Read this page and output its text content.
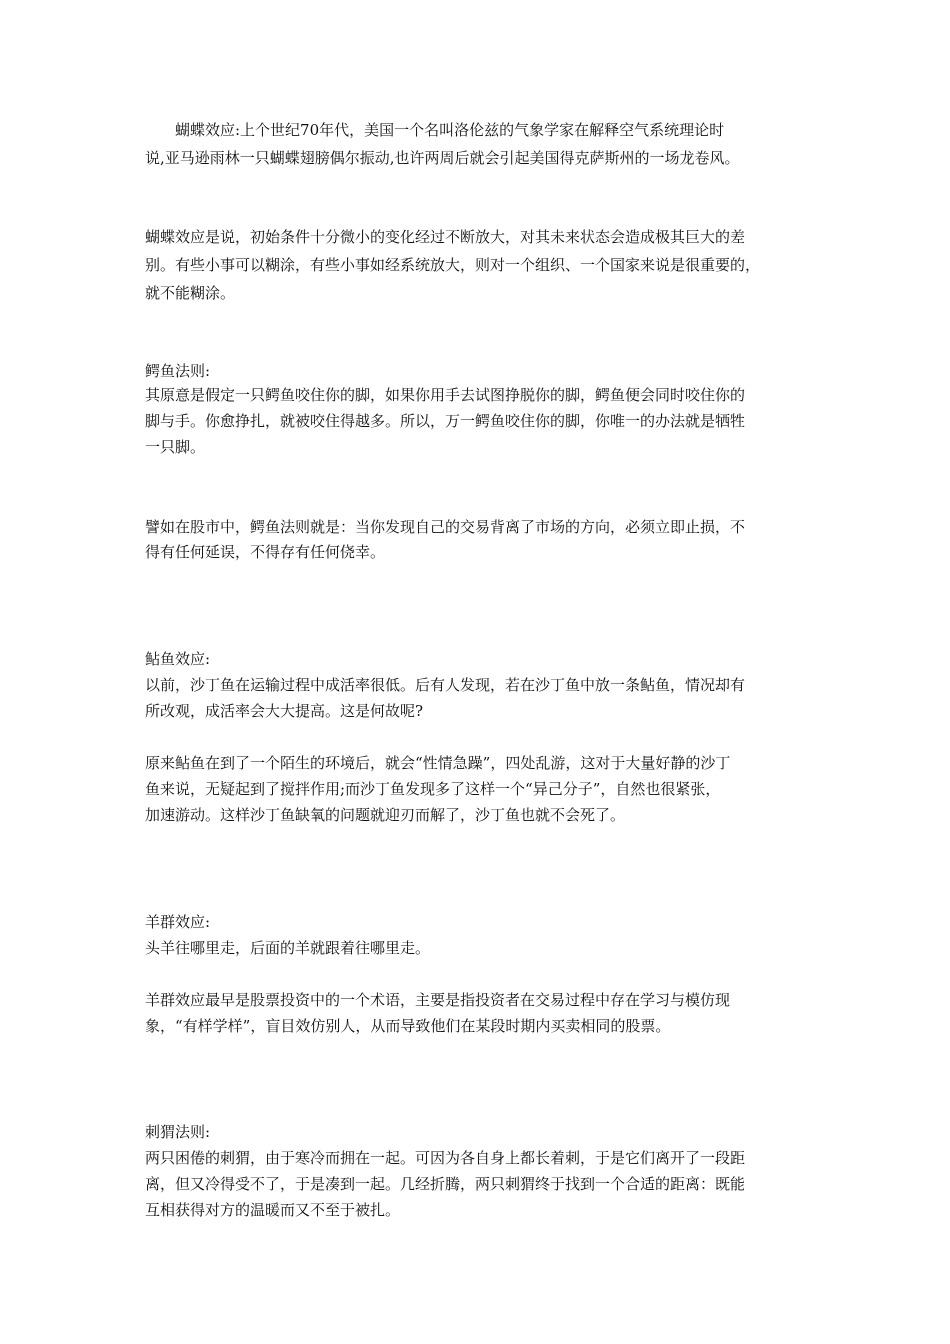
　　蝴蝶效应:上个世纪70年代，美国一个名叫洛伦兹的气象学家在解释空气系统理论时
说,亚马逊雨林一只蝴蝶翅膀偶尔振动,也许两周后就会引起美国得克萨斯州的一场龙卷风。
蝴蝶效应是说，初始条件十分微小的变化经过不断放大，对其未来状态会造成极其巨大的差
别。有些小事可以糊涂，有些小事如经系统放大，则对一个组织、一个国家来说是很重要的，
就不能糊涂。
鳄鱼法则:
其原意是假定一只鳄鱼咬住你的脚，如果你用手去试图挣脱你的脚，鳄鱼便会同时咬住你的
脚与手。你愈挣扎，就被咬住得越多。所以，万一鳄鱼咬住你的脚，你唯一的办法就是牺牲
一只脚。
譬如在股市中，鳄鱼法则就是：当你发现自己的交易背离了市场的方向，必须立即止损，不
得有任何延误，不得存有任何侥幸。
鲇鱼效应:
以前，沙丁鱼在运输过程中成活率很低。后有人发现，若在沙丁鱼中放一条鲇鱼，情况却有
所改观，成活率会大大提高。这是何故呢?
原来鲇鱼在到了一个陌生的环境后，就会“性情急躁”，四处乱游，这对于大量好静的沙丁
鱼来说，无疑起到了搅拌作用;而沙丁鱼发现多了这样一个“异己分子”，自然也很紧张，
加速游动。这样沙丁鱼缺氧的问题就迎刃而解了，沙丁鱼也就不会死了。
羊群效应:
头羊往哪里走，后面的羊就跟着往哪里走。
羊群效应最早是股票投资中的一个术语，主要是指投资者在交易过程中存在学习与模仿现
象，“有样学样”，盲目效仿别人，从而导致他们在某段时期内买卖相同的股票。
刺猬法则:
两只困倦的刺猬，由于寒冷而拥在一起。可因为各自身上都长着刺，于是它们离开了一段距
离，但又冷得受不了，于是凑到一起。几经折腾，两只刺猬终于找到一个合适的距离：既能
互相获得对方的温暖而又不至于被扎。
